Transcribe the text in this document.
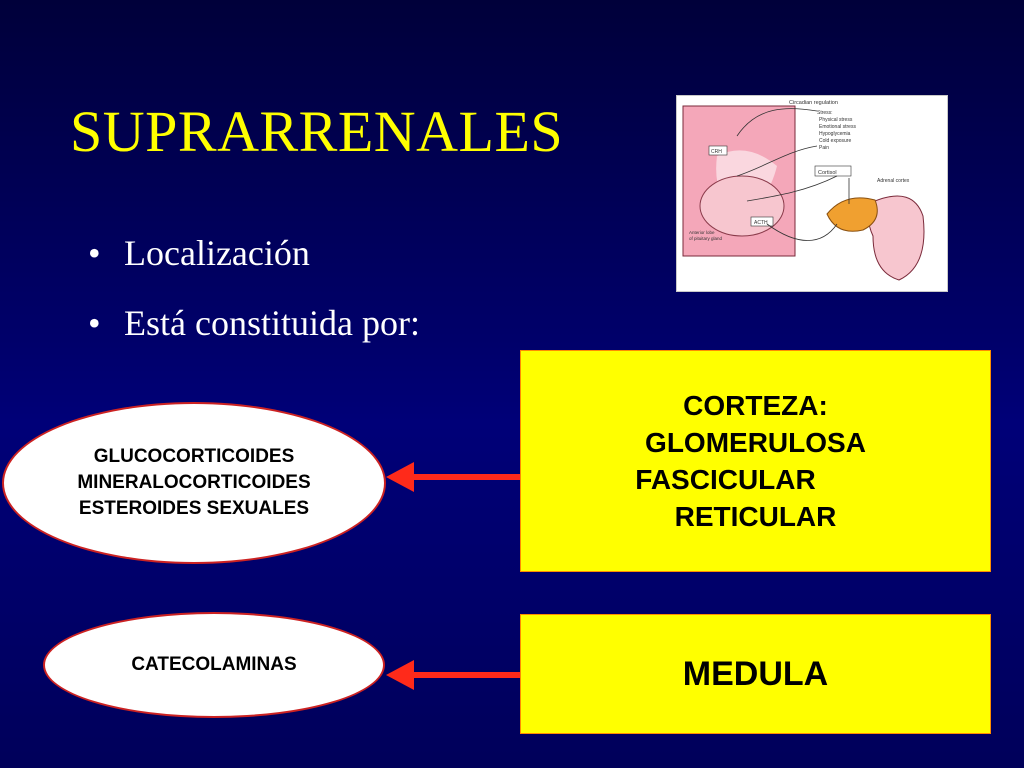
SUPRARRENALES
• Localización
• Está constituida por:
CRH
Cortisol
ACTH
Circadian regulation
Stress:
Physical stress
Emotional stress
Hypoglycemia
Cold exposure
Pain
Adrenal cortex
Anterior lobe
of pituitary gland
CORTEZA:
GLOMERULOSA
FASCICULAR
RETICULAR
MEDULA
GLUCOCORTICOIDES
MINERALOCORTICOIDES
ESTEROIDES SEXUALES
CATECOLAMINAS
